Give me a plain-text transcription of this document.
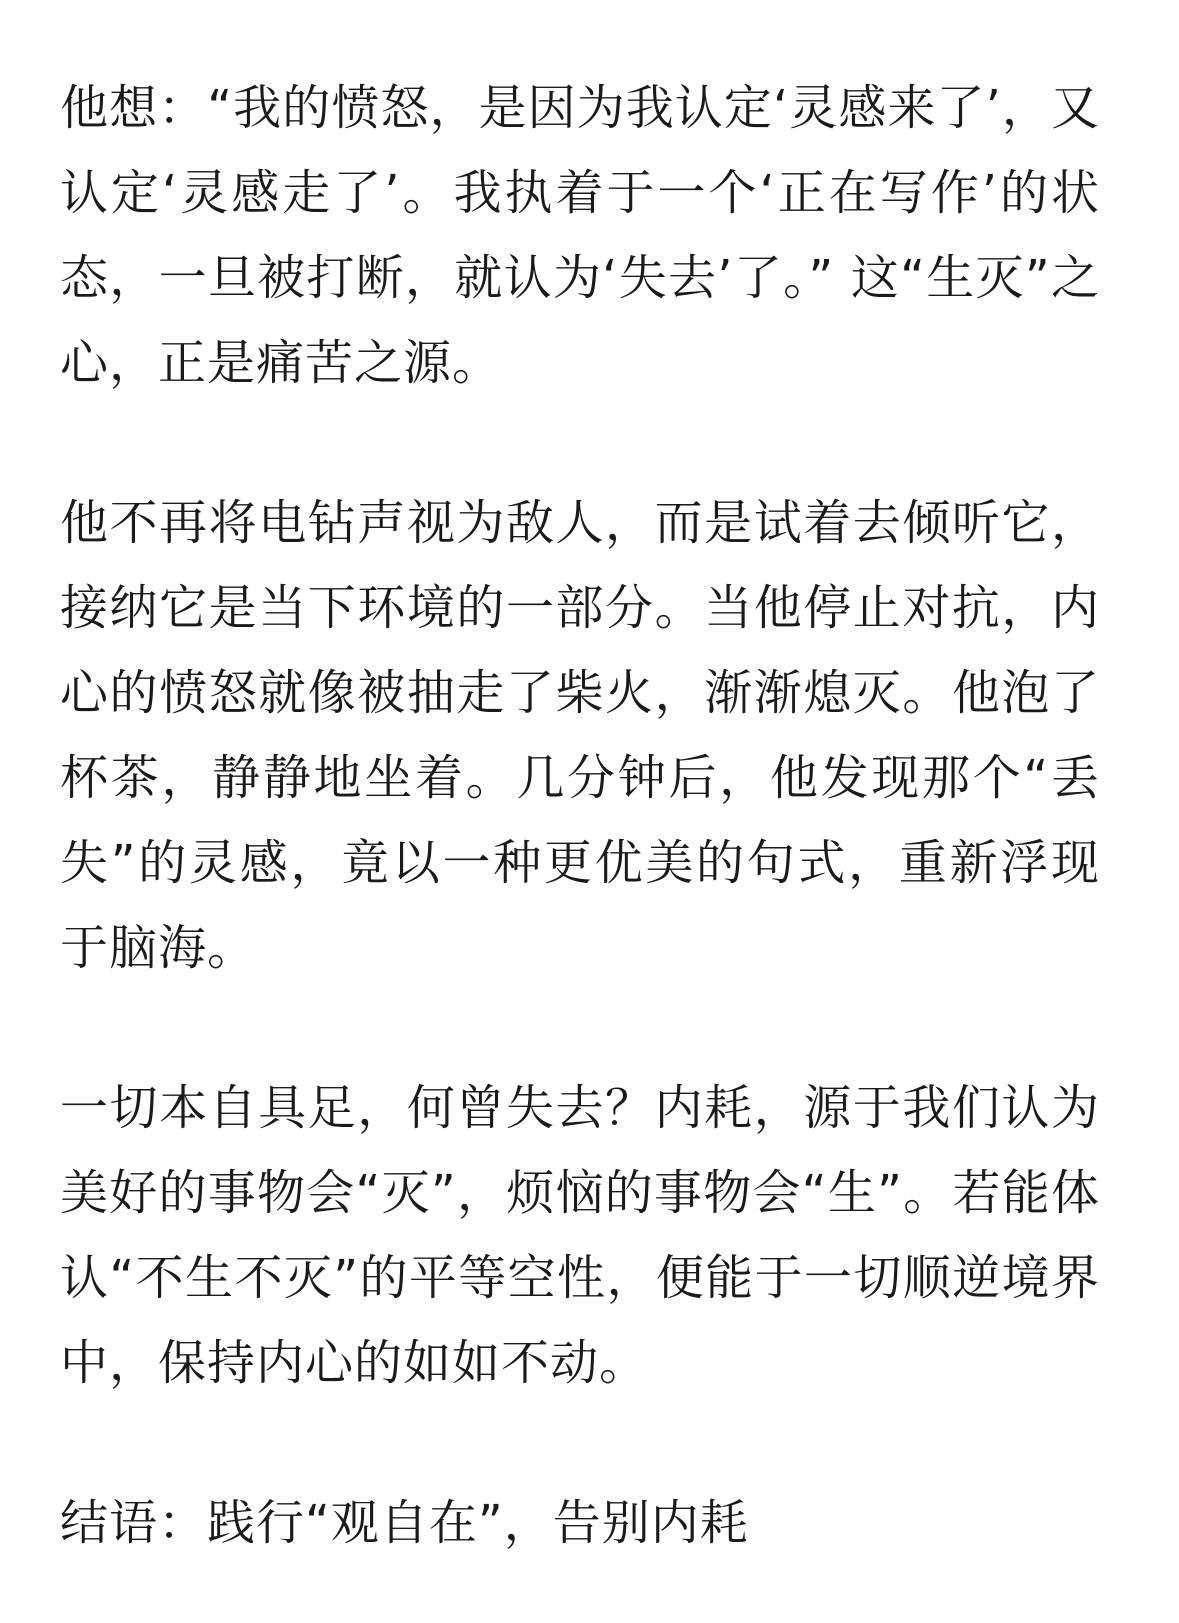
他想：“我的愤怒，是因为我认定‘灵感来了’，又认定‘灵感走了’。我执着于一个‘正在写作’的状态，一旦被打断，就认为‘失去’了。” 这“生灭”之心，正是痛苦之源。

他不再将电钻声视为敌人，而是试着去倾听它，接纳它是当下环境的一部分。当他停止对抗，内心的愤怒就像被抽走了柴火，渐渐熄灭。他泡了杯茶，静静地坐着。几分钟后，他发现那个“丢失”的灵感，竟以一种更优美的句式，重新浮现于脑海。

一切本自具足，何曾失去？内耗，源于我们认为美好的事物会“灭”，烦恼的事物会“生”。若能体认“不生不灭”的平等空性，便能于一切顺逆境界中，保持内心的如如不动。

结语：践行“观自在”，告别内耗
